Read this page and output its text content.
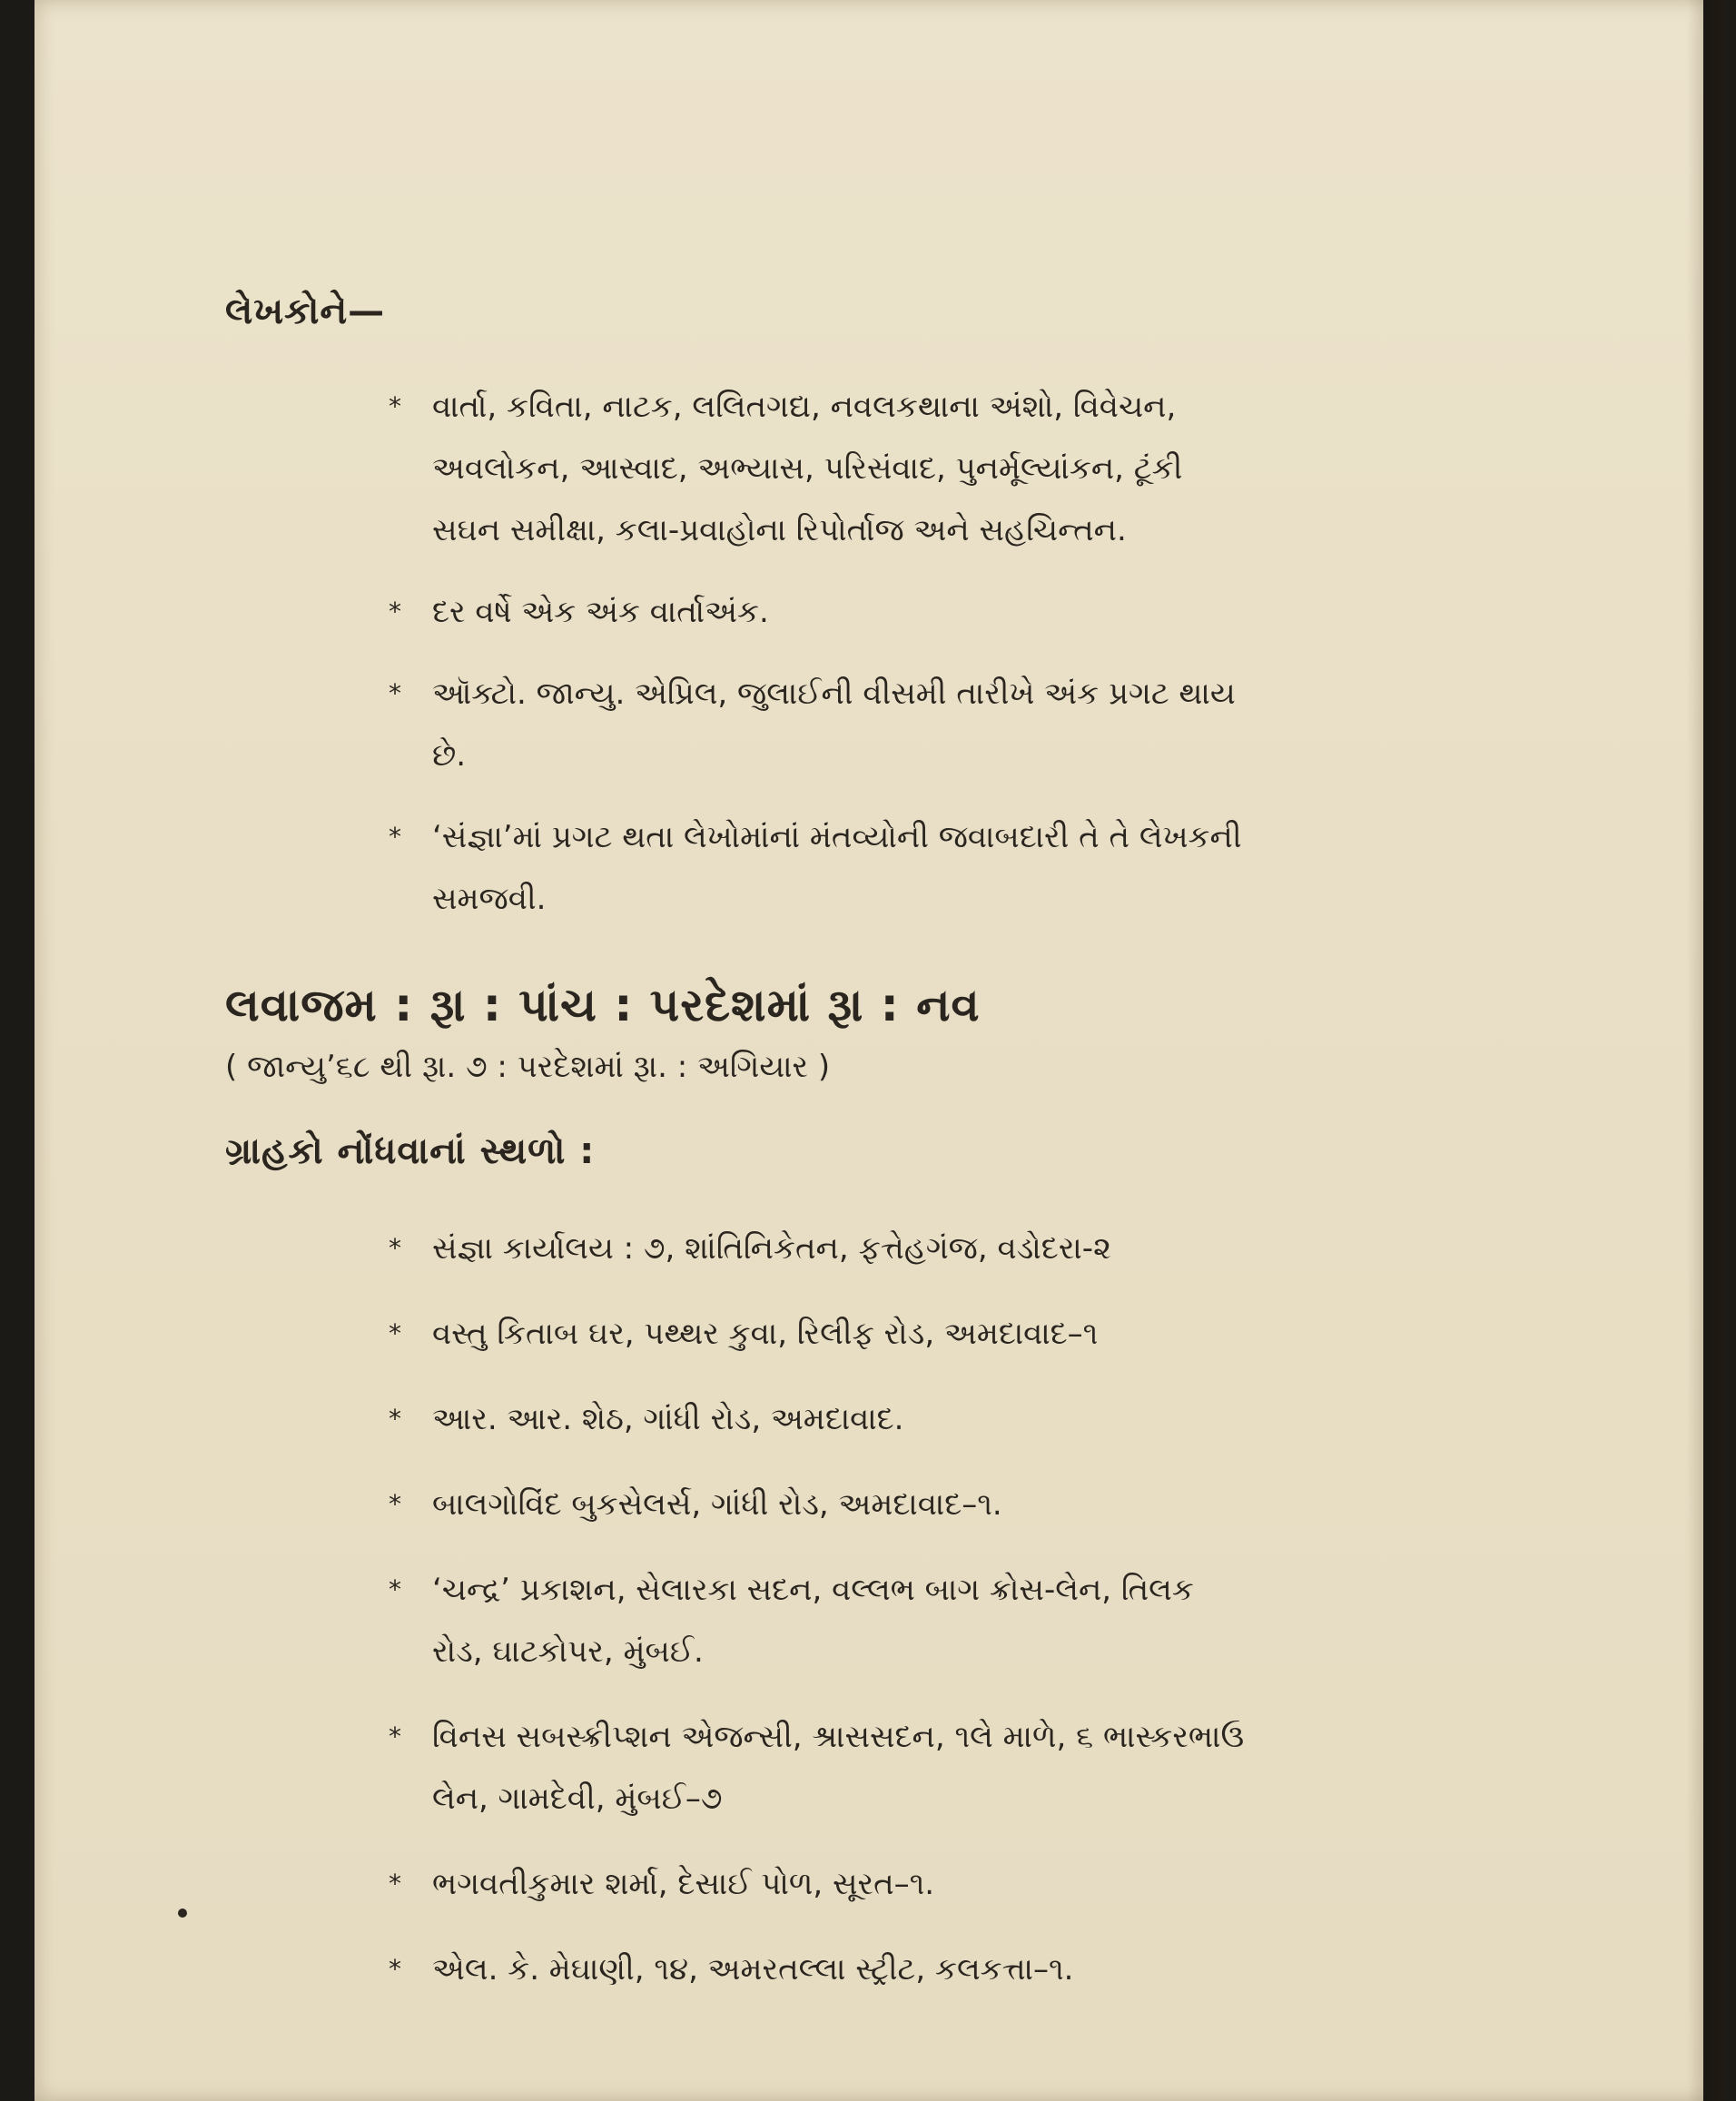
લેખકોને—
* વાર્તા, કવિતા, નાટક, લલિતગદ્ય, નવલકથાના અંશો, વિવેચન, અવલોકન, આસ્વાદ, અભ્યાસ, પરિસંવાદ, પુનર્મૂલ્યાંકન, ટૂંકી સઘન સમીક્ષા, કલા-પ્રવાહોના રિપોર્તાજ અને સહચિન્તન.
* દર વર્ષે એક અંક વાર્તાઅંક.
* ઑક્ટો. જાન્યુ. એપ્રિલ, જુલાઈની વીસમી તારીખે અંક પ્રગટ થાય છે.
* ‘સંજ્ઞા’માં પ્રગટ થતા લેખોમાંનાં મંતવ્યોની જવાબદારી તે તે લેખકની સમજવી.
લવાજમ : રૂા : પાંચ : પરદેશમાં રૂા : નવ
( જાન્યુ’૬૮ થી રૂા. ૭ : પરદેશમાં રૂા. : અગિયાર )
ગ્રાહકો નોંધવાનાં સ્થળો :
* સંજ્ઞા કાર્યાલય : ૭, શાંતિનિકેતન, ફત્તેહગંજ, વડોદરા-૨
* વસ્તુ કિતાબ ઘર, પથ્થર કુવા, રિલીફ રોડ, અમદાવાદ–૧
* આર. આર. શેઠ, ગાંધી રોડ, અમદાવાદ.
* બાલગોવિંદ બુકસેલર્સ, ગાંધી રોડ, અમદાવાદ–૧.
* ‘ચન્દ્ર’ પ્રકાશન, સેલારકા સદન, વલ્લભ બાગ ક્રોસ-લેન, તિલક રોડ, ઘાટકોપર, મુંબઈ.
* વિનસ સબસ્ક્રીપ્શન એજન્સી, શ્રાસસદન, ૧લે માળે, ૬ ભાસ્કરભાઉ લેન, ગામદેવી, મુંબઈ–૭
* ભગવતીકુમાર શર્મા, દેસાઈ પોળ, સૂરત–૧.
* એલ. કે. મેઘાણી, ૧૪, અમરતલ્લા સ્ટ્રીટ, કલકત્તા–૧.
